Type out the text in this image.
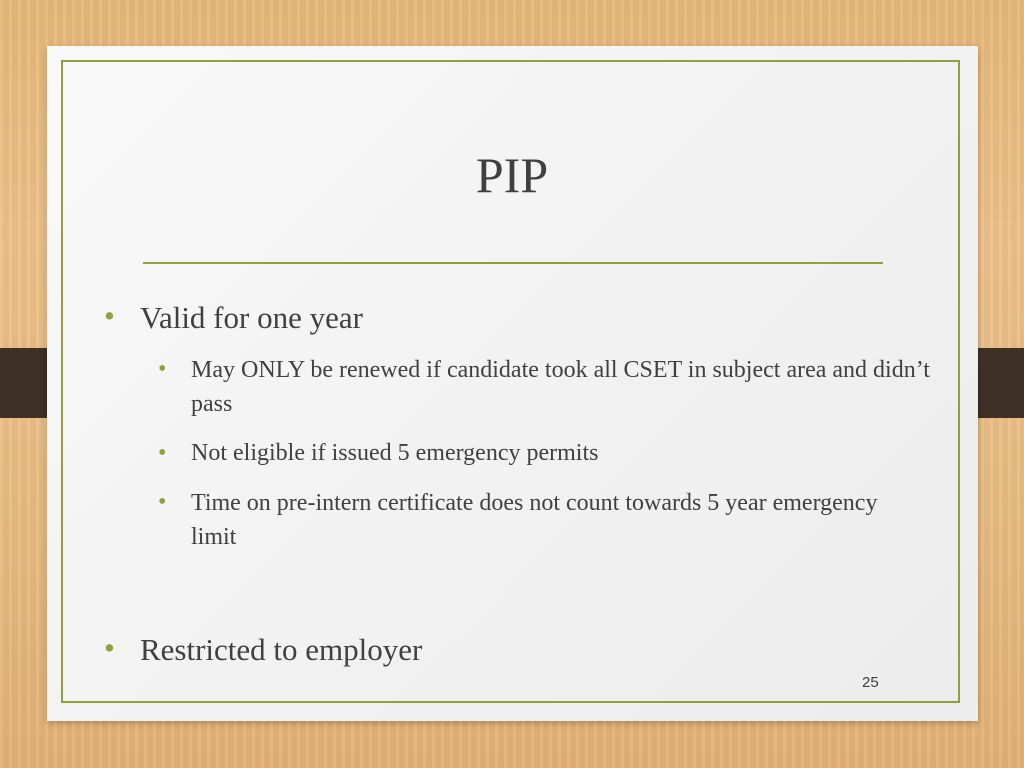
PIP
• Valid for one year
•	May ONLY be renewed if candidate took all CSET in subject area and didn’t pass
•	Not eligible if issued 5 emergency permits
•	Time on pre-intern certificate does not count towards 5 year emergency limit
• Restricted to employer
25
